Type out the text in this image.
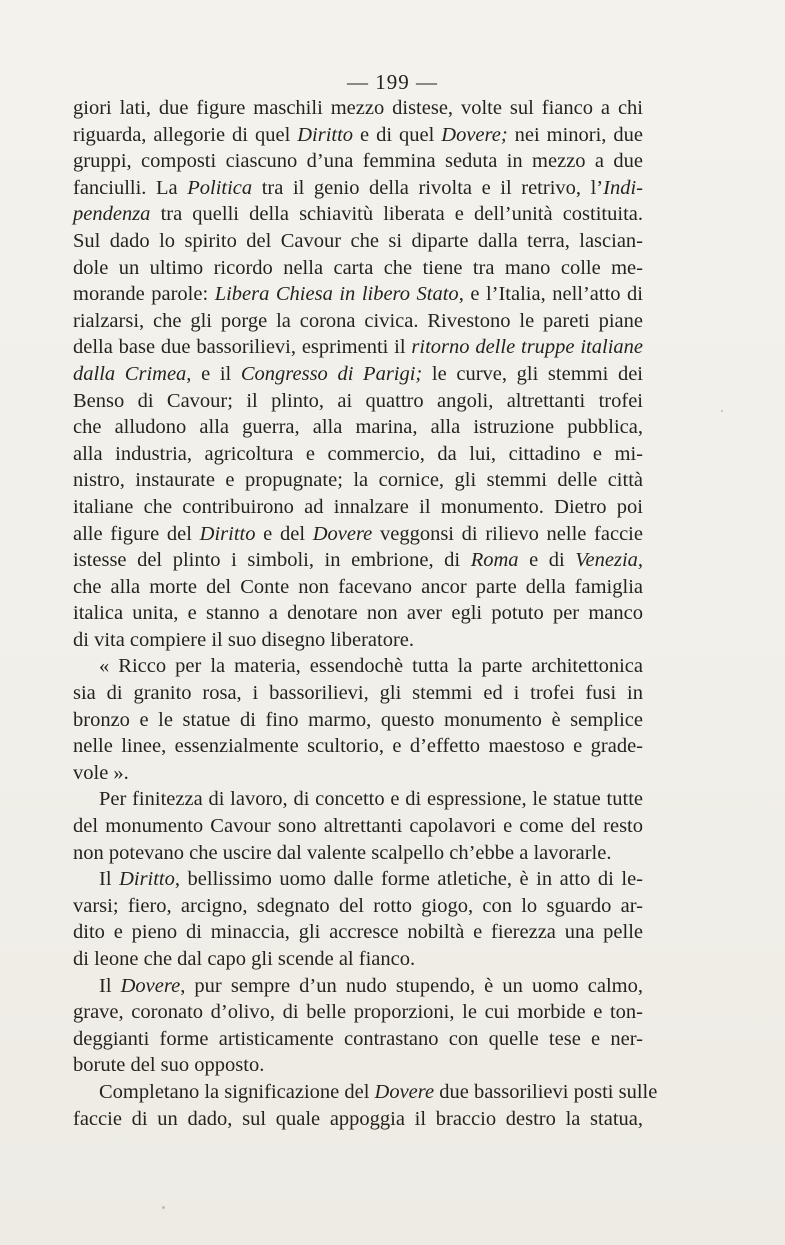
— 199 —
giori lati, due figure maschili mezzo distese, volte sul fianco a chi
riguarda, allegorie di quel Diritto e di quel Dovere; nei minori, due
gruppi, composti ciascuno d’una femmina seduta in mezzo a due
fanciulli. La Politica tra il genio della rivolta e il retrivo, l’Indi-
pendenza tra quelli della schiavitù liberata e dell’unità costituita.
Sul dado lo spirito del Cavour che si diparte dalla terra, lascian-
dole un ultimo ricordo nella carta che tiene tra mano colle me-
morande parole: Libera Chiesa in libero Stato, e l’Italia, nell’atto di
rialzarsi, che gli porge la corona civica. Rivestono le pareti piane
della base due bassorilievi, esprimenti il ritorno delle truppe italiane
dalla Crimea, e il Congresso di Parigi; le curve, gli stemmi dei
Benso di Cavour; il plinto, ai quattro angoli, altrettanti trofei
che alludono alla guerra, alla marina, alla istruzione pubblica,
alla industria, agricoltura e commercio, da lui, cittadino e mi-
nistro, instaurate e propugnate; la cornice, gli stemmi delle città
italiane che contribuirono ad innalzare il monumento. Dietro poi
alle figure del Diritto e del Dovere veggonsi di rilievo nelle faccie
istesse del plinto i simboli, in embrione, di Roma e di Venezia,
che alla morte del Conte non facevano ancor parte della famiglia
italica unita, e stanno a denotare non aver egli potuto per manco
di vita compiere il suo disegno liberatore.
« Ricco per la materia, essendochè tutta la parte architettonica
sia di granito rosa, i bassorilievi, gli stemmi ed i trofei fusi in
bronzo e le statue di fino marmo, questo monumento è semplice
nelle linee, essenzialmente scultorio, e d’effetto maestoso e grade-
vole ».
Per finitezza di lavoro, di concetto e di espressione, le statue tutte
del monumento Cavour sono altrettanti capolavori e come del resto
non potevano che uscire dal valente scalpello ch’ebbe a lavorarle.
Il Diritto, bellissimo uomo dalle forme atletiche, è in atto di le-
varsi; fiero, arcigno, sdegnato del rotto giogo, con lo sguardo ar-
dito e pieno di minaccia, gli accresce nobiltà e fierezza una pelle
di leone che dal capo gli scende al fianco.
Il Dovere, pur sempre d’un nudo stupendo, è un uomo calmo,
grave, coronato d’olivo, di belle proporzioni, le cui morbide e ton-
deggianti forme artisticamente contrastano con quelle tese e ner-
borute del suo opposto.
Completano la significazione del Dovere due bassorilievi posti sulle
faccie di un dado, sul quale appoggia il braccio destro la statua,
